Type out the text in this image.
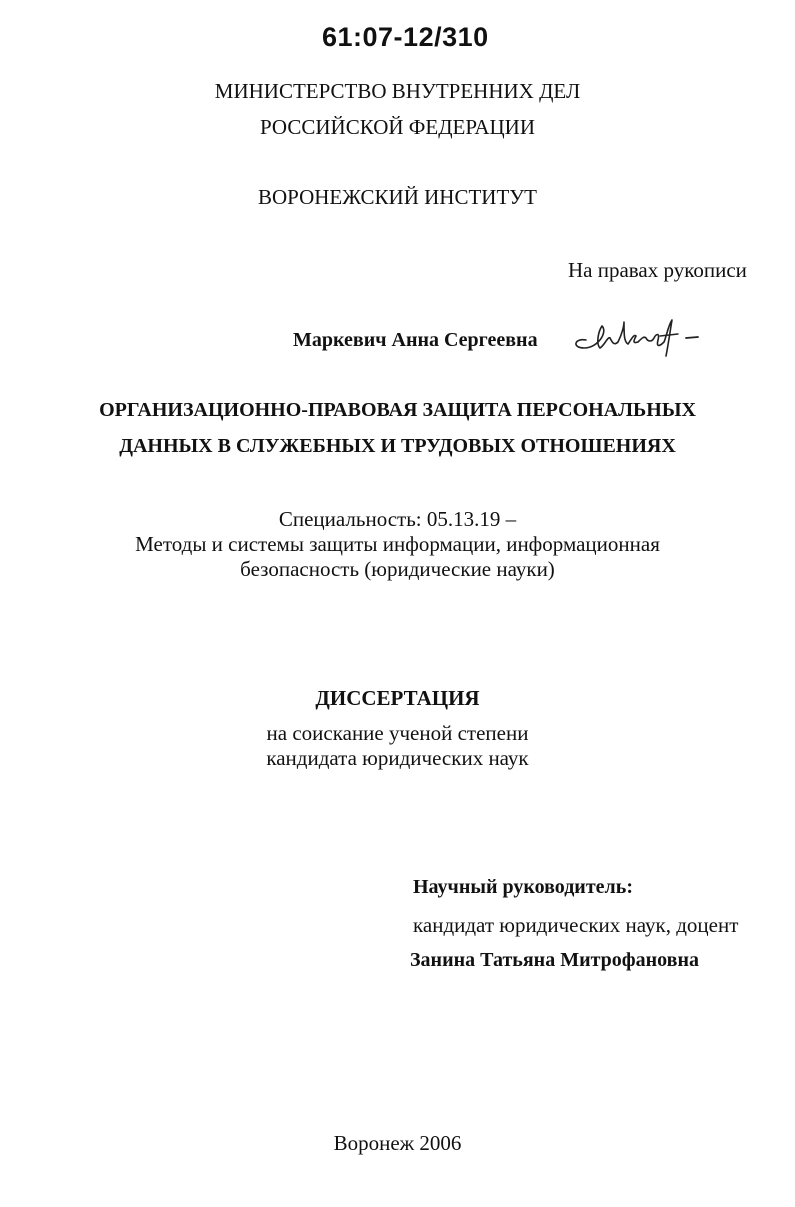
61:07-12/310
МИНИСТЕРСТВО ВНУТРЕННИХ ДЕЛ
РОССИЙСКОЙ ФЕДЕРАЦИИ
ВОРОНЕЖСКИЙ ИНСТИТУТ
На правах рукописи
Маркевич Анна Сергеевна
ОРГАНИЗАЦИОННО-ПРАВОВАЯ ЗАЩИТА ПЕРСОНАЛЬНЫХ
ДАННЫХ В СЛУЖЕБНЫХ И ТРУДОВЫХ ОТНОШЕНИЯХ
Специальность: 05.13.19 –
Методы и системы защиты информации, информационная
безопасность (юридические науки)
ДИССЕРТАЦИЯ
на соискание ученой степени
кандидата юридических наук
Научный руководитель:
кандидат юридических наук, доцент
Занина Татьяна Митрофановна
Воронеж 2006
